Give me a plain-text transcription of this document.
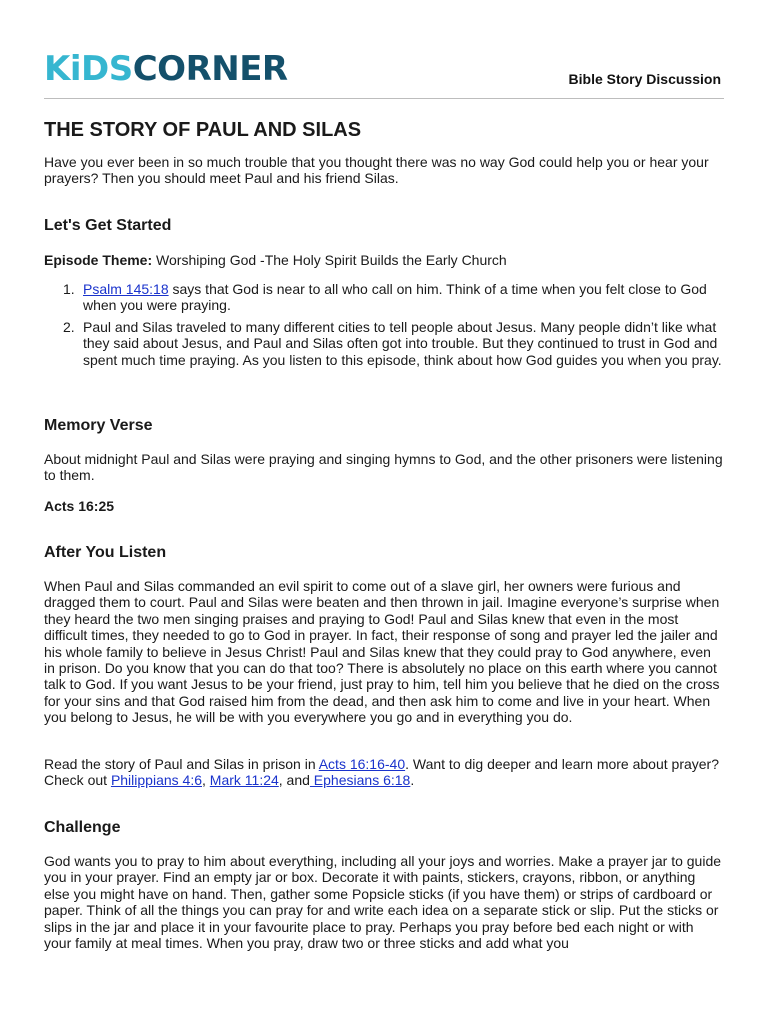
KiDSCORNER	Bible Story Discussion
THE STORY OF PAUL AND SILAS

Have you ever been in so much trouble that you thought there was no way God could help you or hear your prayers? Then you should meet Paul and his friend Silas.

Let's Get Started

Episode Theme: Worshiping God -The Holy Spirit Builds the Early Church

1. Psalm 145:18 says that God is near to all who call on him. Think of a time when you felt close to God when you were praying.

2. Paul and Silas traveled to many different cities to tell people about Jesus. Many people didn’t like what they said about Jesus, and Paul and Silas often got into trouble. But they continued to trust in God and spent much time praying. As you listen to this episode, think about how God guides you when you pray.

Memory Verse

About midnight Paul and Silas were praying and singing hymns to God, and the other prisoners were listening to them.

Acts 16:25

After You Listen

When Paul and Silas commanded an evil spirit to come out of a slave girl, her owners were furious and dragged them to court. Paul and Silas were beaten and then thrown in jail. Imagine everyone’s surprise when they heard the two men singing praises and praying to God! Paul and Silas knew that even in the most difficult times, they needed to go to God in prayer. In fact, their response of song and prayer led the jailer and his whole family to believe in Jesus Christ! Paul and Silas knew that they could pray to God anywhere, even in prison. Do you know that you can do that too? There is absolutely no place on this earth where you cannot talk to God. If you want Jesus to be your friend, just pray to him, tell him you believe that he died on the cross for your sins and that God raised him from the dead, and then ask him to come and live in your heart. When you belong to Jesus, he will be with you everywhere you go and in everything you do.

Read the story of Paul and Silas in prison in Acts 16:16-40. Want to dig deeper and learn more about prayer? Check out Philippians 4:6, Mark 11:24, and Ephesians 6:18.

Challenge

God wants you to pray to him about everything, including all your joys and worries. Make a prayer jar to guide you in your prayer. Find an empty jar or box. Decorate it with paints, stickers, crayons, ribbon, or anything else you might have on hand. Then, gather some Popsicle sticks (if you have them) or strips of cardboard or paper. Think of all the things you can pray for and write each idea on a separate stick or slip. Put the sticks or slips in the jar and place it in your favourite place to pray. Perhaps you pray before bed each night or with your family at meal times. When you pray, draw two or three sticks and add what you
